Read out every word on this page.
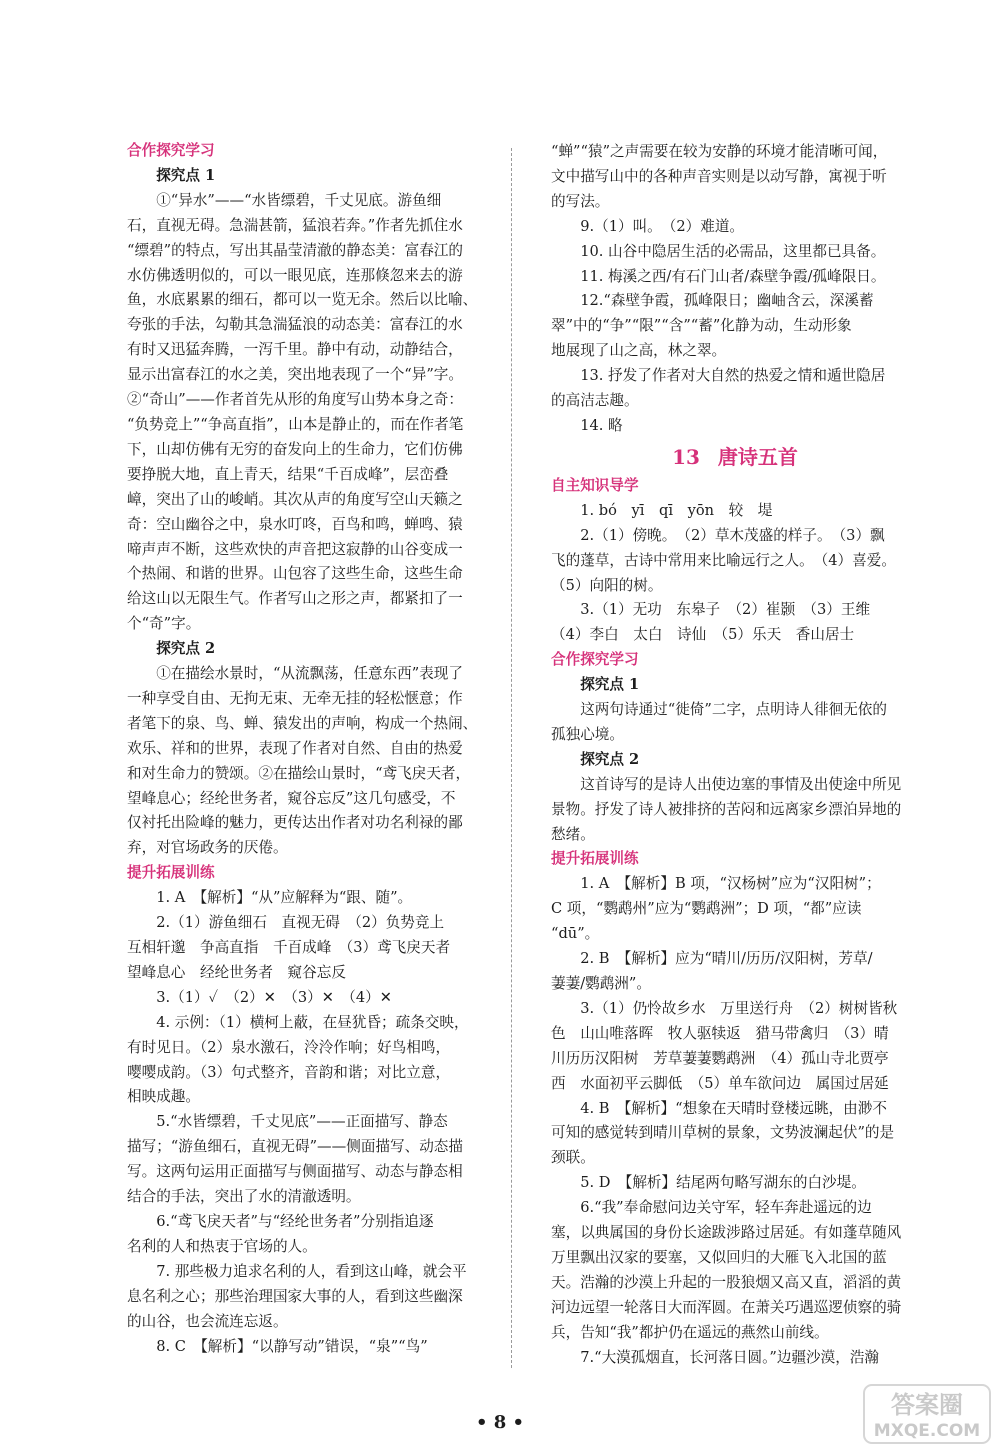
合作探究学习
探究点 1
①“异水”——“水皆缥碧，千丈见底。游鱼细
石，直视无碍。急湍甚箭，猛浪若奔。”作者先抓住水
“缥碧”的特点，写出其晶莹清澈的静态美：富春江的
水仿佛透明似的，可以一眼见底，连那倏忽来去的游
鱼，水底累累的细石，都可以一览无余。然后以比喻、
夸张的手法，勾勒其急湍猛浪的动态美：富春江的水
有时又迅猛奔腾，一泻千里。静中有动，动静结合，
显示出富春江的水之美，突出地表现了一个“异”字。
②“奇山”——作者首先从形的角度写山势本身之奇：
“负势竞上”“争高直指”，山本是静止的，而在作者笔
下，山却仿佛有无穷的奋发向上的生命力，它们仿佛
要挣脱大地，直上青天，结果“千百成峰”，层峦叠
嶂，突出了山的峻峭。其次从声的角度写空山天籁之
奇：空山幽谷之中，泉水叮咚，百鸟和鸣，蝉鸣、猿
啼声声不断，这些欢快的声音把这寂静的山谷变成一
个热闹、和谐的世界。山包容了这些生命，这些生命
给这山以无限生气。作者写山之形之声，都紧扣了一
个“奇”字。
探究点 2
①在描绘水景时，“从流飘荡，任意东西”表现了
一种享受自由、无拘无束、无牵无挂的轻松惬意；作
者笔下的泉、鸟、蝉、猿发出的声响，构成一个热闹、
欢乐、祥和的世界，表现了作者对自然、自由的热爱
和对生命力的赞颂。②在描绘山景时，“鸢飞戾天者，
望峰息心；经纶世务者，窥谷忘反”这几句感受，不
仅衬托出险峰的魅力，更传达出作者对功名利禄的鄙
弃，对官场政务的厌倦。
提升拓展训练
1. A　【解析】“从”应解释为“跟、随”。
2.（1）游鱼细石　直视无碍　（2）负势竞上
互相轩邈　争高直指　千百成峰　（3）鸢飞戾天者
望峰息心　经纶世务者　窥谷忘反
3.（1）✓　（2）✕　（3）✕　（4）✕
4. 示例：（1）横柯上蔽，在昼犹昏；疏条交映，
有时见日。（2）泉水激石，泠泠作响；好鸟相鸣，
嘤嘤成韵。（3）句式整齐，音韵和谐；对比立意，
相映成趣。
5.“水皆缥碧，千丈见底”——正面描写、静态
描写；“游鱼细石，直视无碍”——侧面描写、动态描
写。这两句运用正面描写与侧面描写、动态与静态相
结合的手法，突出了水的清澈透明。
6.“鸢飞戾天者”与“经纶世务者”分别指追逐
名利的人和热衷于官场的人。
7. 那些极力追求名利的人，看到这山峰，就会平
息名利之心；那些治理国家大事的人，看到这些幽深
的山谷，也会流连忘返。
8. C　【解析】“以静写动”错误，“泉”“鸟”
“蝉”“猿”之声需要在较为安静的环境才能清晰可闻，
文中描写山中的各种声音实则是以动写静，寓视于听
的写法。
9.（1）叫。　（2）难道。
10. 山谷中隐居生活的必需品，这里都已具备。
11. 梅溪之西/有石门山者/森壁争霞/孤峰限日。
12.“森壁争霞，孤峰限日；幽岫含云，深溪蓄
翠”中的“争”“限”“含”“蓄”化静为动，生动形象
地展现了山之高，林之翠。
13. 抒发了作者对大自然的热爱之情和遁世隐居
的高洁志趣。
14. 略
13 唐诗五首
自主知识导学
1. bó　yī　qī　yōn　较　堤
2.（1）傍晚。　（2）草木茂盛的样子。　（3）飘
飞的蓬草，古诗中常用来比喻远行之人。　（4）喜爱。
（5）向阳的树。
3.（1）无功　东皋子　（2）崔颢　（3）王维
（4）李白　太白　诗仙　（5）乐天　香山居士
合作探究学习
探究点 1
这两句诗通过“徙倚”二字，点明诗人徘徊无依的
孤独心境。
探究点 2
这首诗写的是诗人出使边塞的事情及出使途中所见
景物。抒发了诗人被排挤的苦闷和远离家乡漂泊异地的
愁绪。
提升拓展训练
1. A　【解析】B 项，“汉杨树”应为“汉阳树”；
C 项，“鹦鹉州”应为“鹦鹉洲”；D 项，“都”应读
“dū”。
2. B　【解析】应为“晴川/历历/汉阳树，芳草/
萋萋/鹦鹉洲”。
3.（1）仍怜故乡水　万里送行舟　（2）树树皆秋
色　山山唯落晖　牧人驱犊返　猎马带禽归　（3）晴
川历历汉阳树　芳草萋萋鹦鹉洲　（4）孤山寺北贾亭
西　水面初平云脚低　（5）单车欲问边　属国过居延
4. B　【解析】“想象在天晴时登楼远眺，由渺不
可知的感觉转到晴川草树的景象，文势波澜起伏”的是
颈联。
5. D　【解析】结尾两句略写湖东的白沙堤。
6.“我”奉命慰问边关守军，轻车奔赴遥远的边
塞，以典属国的身份长途跋涉路过居延。有如蓬草随风
万里飘出汉家的要塞，又似回归的大雁飞入北国的蓝
天。浩瀚的沙漠上升起的一股狼烟又高又直，滔滔的黄
河边远望一轮落日大而浑圆。在萧关巧遇巡逻侦察的骑
兵，告知“我”都护仍在遥远的燕然山前线。
7.“大漠孤烟直，长河落日圆。”边疆沙漠，浩瀚
• 8 •
答案圈
MXQE.COM
